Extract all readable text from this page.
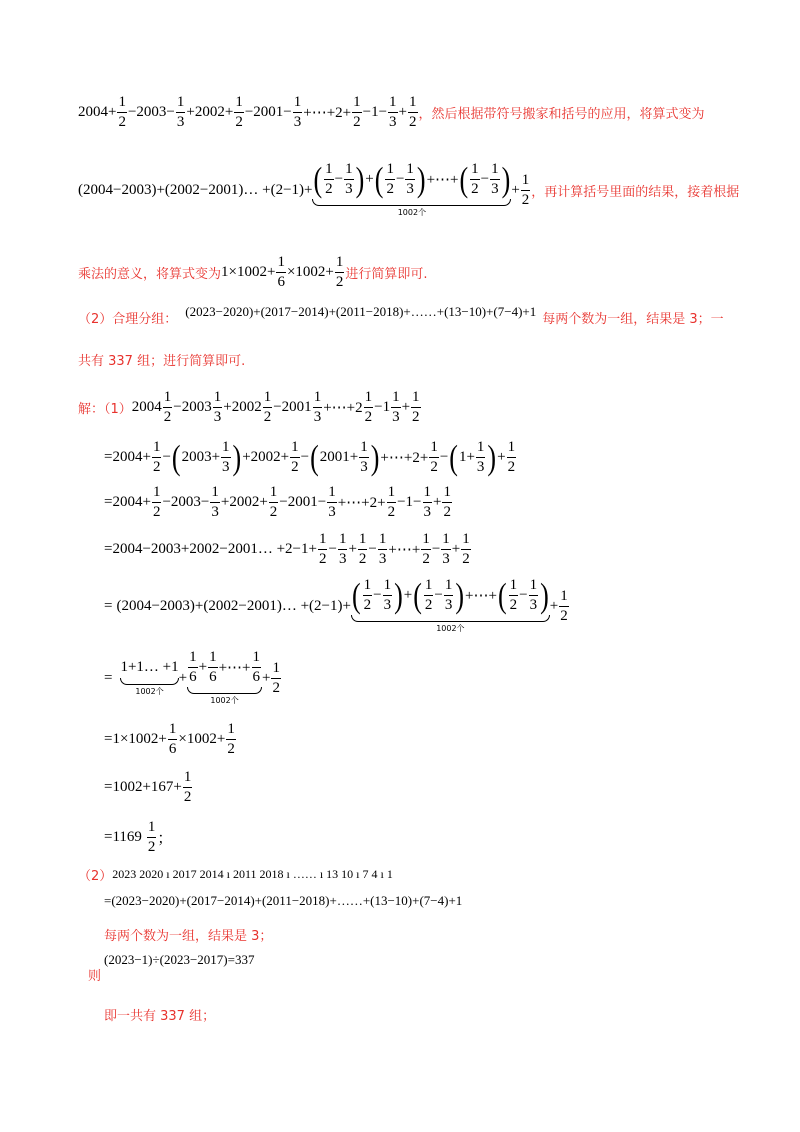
$2004+ \frac{1}{2} -2003- \frac{1}{3} +2002+ \frac{1}{2} -2001- \frac{1}{3}$ +⋯+2+ $\frac{1}{2} -1- \frac{1}{3} + \frac{1}{2}$ ，然后根据带符号搬家和括号的应用，将算式变为
(2004−2003)+(2002−2001)… +(2−1)+ ( $\frac{1}{2} - \frac{1}{3}$ ) + ( $\frac{1}{2} - \frac{1}{3}$ ) +⋯+ ( $\frac{1}{2} - \frac{1}{3}$ )
1002个
+ $\frac{1}{2}$ ，再计算括号里面的结果，接着根据
乘法的意义，将算式变为 $1\times 1002+ \frac{1}{6} \times 1002+ \frac{1}{2}$ 进行简算即可.
（2）合理分组： (2023−2020)+(2017−2014)+(2011−2018)+……+(13−10)+(7−4)+1 每两个数为一组，结果是 3；一
共有 337 组；进行简算即可.
解：（1） $2004 \frac{1}{2} -2003 \frac{1}{3} +2002 \frac{1}{2} -2001 \frac{1}{3}$ +⋯+2 $\frac{1}{2} -1 \frac{1}{3} + \frac{1}{2}$
= $2004+ \frac{1}{2}$ − ( $2003+ \frac{1}{3}$ ) $+2002+ \frac{1}{2}$ − ( $2001+ \frac{1}{3}$ ) +⋯+2+ $\frac{1}{2}$ − ( $1+ \frac{1}{3}$ ) + $\frac{1}{2}$
= $2004+ \frac{1}{2} -2003- \frac{1}{3} +2002+ \frac{1}{2} -2001- \frac{1}{3}$ +⋯+2+ $\frac{1}{2} -1- \frac{1}{3} + \frac{1}{2}$
= 2004−2003+2002−2001… $+2-1+ \frac{1}{2} - \frac{1}{3} + \frac{1}{2} - \frac{1}{3}$ +⋯+ $\frac{1}{2} - \frac{1}{3} + \frac{1}{2}$
= (2004−2003)+(2002−2001)… +(2−1)+ ( $\frac{1}{2} - \frac{1}{3}$ ) + ( $\frac{1}{2} - \frac{1}{3}$ ) +⋯+ ( $\frac{1}{2} - \frac{1}{3}$ )
1002个
+ $\frac{1}{2}$
=
1+1… +1
1002个
+ $\frac{1}{6} + \frac{1}{6}$ +⋯+ $\frac{1}{6}$
1002个
+ $\frac{1}{2}$
= $1\times 1002+ \frac{1}{6} \times 1002+ \frac{1}{2}$
= $1002+167+ \frac{1}{2}$
= $1169 \frac{1}{2}$ ；
（2） 2023 2020 ı 2017 2014 ı 2011 2018 ı …… ı 13 10 ı 7 4 ı 1
=(2023−2020)+(2017−2014)+(2011−2018)+……+(13−10)+(7−4)+1
每两个数为一组，结果是 3；
(2023−1)÷(2023−2017)=337
则
即一共有 337 组；
